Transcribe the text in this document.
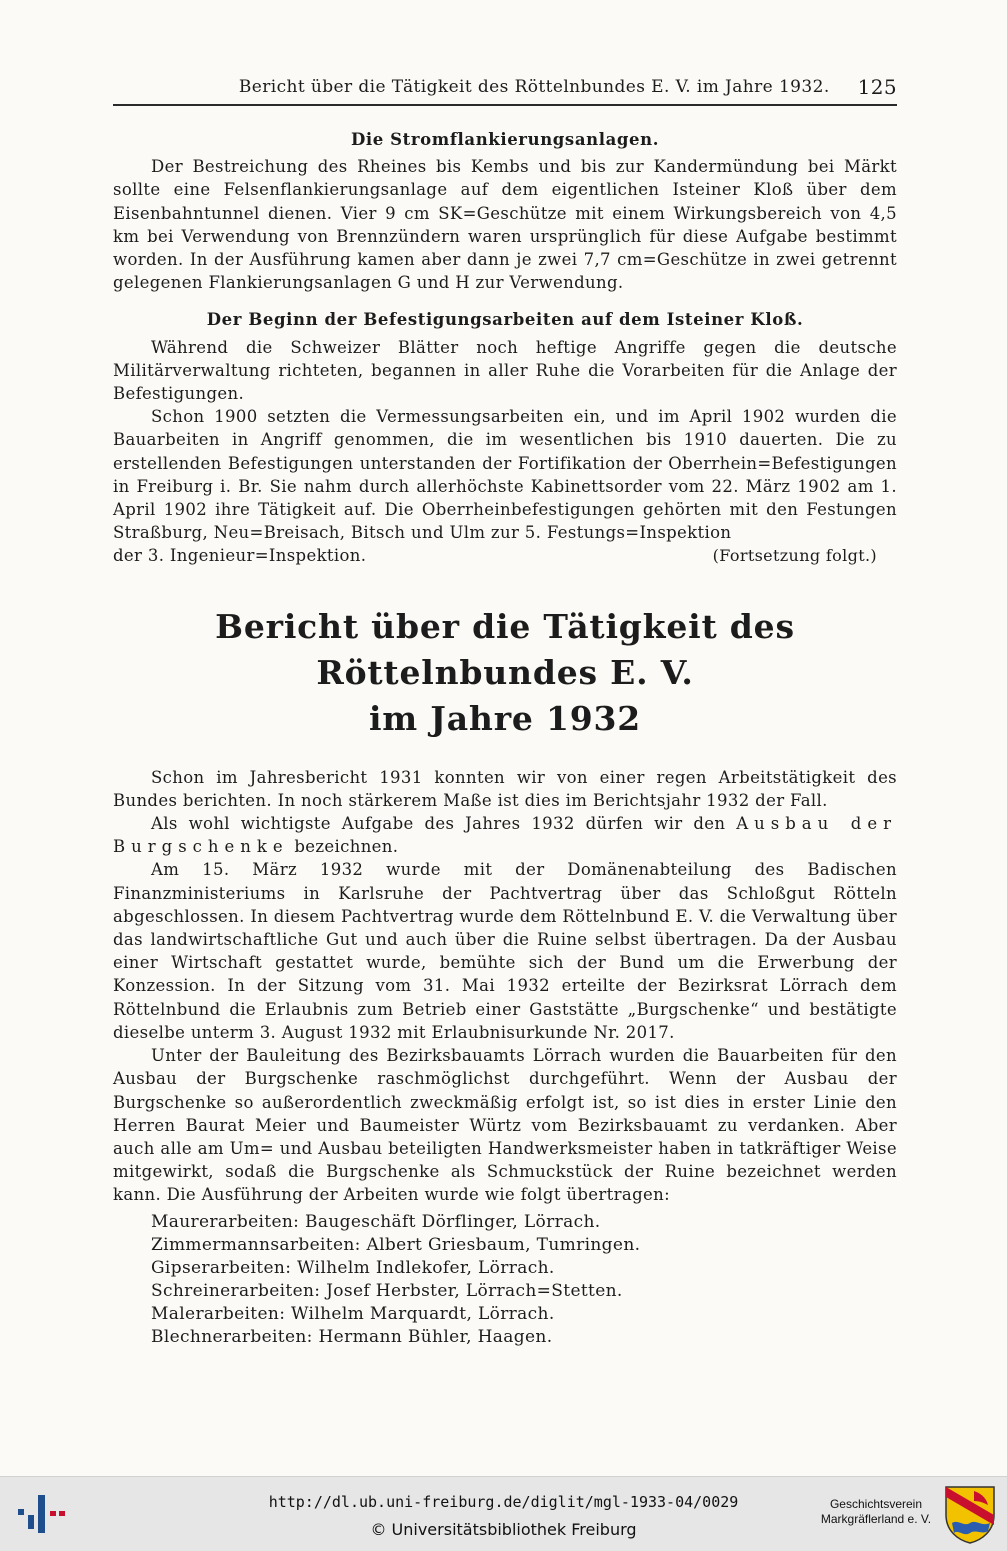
Bericht über die Tätigkeit des Röttelnbundes E. V. im Jahre 1932. 125
Die Stromflankierungsanlagen.

Der Bestreichung des Rheines bis Kembs und bis zur Kandermündung bei Märkt sollte eine Felsenflankierungsanlage auf dem eigentlichen Isteiner Kloß über dem Eisenbahntunnel dienen. Vier 9 cm SK=Geschütze mit einem Wirkungsbereich von 4,5 km bei Verwendung von Brennzündern waren ursprünglich für diese Aufgabe bestimmt worden. In der Ausführung kamen aber dann je zwei 7,7 cm=Geschütze in zwei getrennt gelegenen Flankierungsanlagen G und H zur Verwendung.

Der Beginn der Befestigungsarbeiten auf dem Isteiner Kloß.

Während die Schweizer Blätter noch heftige Angriffe gegen die deutsche Militärverwaltung richteten, begannen in aller Ruhe die Vorarbeiten für die Anlage der Befestigungen.

Schon 1900 setzten die Vermessungsarbeiten ein, und im April 1902 wurden die Bauarbeiten in Angriff genommen, die im wesentlichen bis 1910 dauerten. Die zu erstellenden Befestigungen unterstanden der Fortifikation der Oberrhein=Befestigungen in Freiburg i. Br. Sie nahm durch allerhöchste Kabinettsorder vom 22. März 1902 am 1. April 1902 ihre Tätigkeit auf. Die Oberrheinbefestigungen gehörten mit den Festungen Straßburg, Neu=Breisach, Bitsch und Ulm zur 5. Festungs=Inspektion

der 3. Ingenieur=Inspektion.	(Fortsetzung folgt.)
Bericht über die Tätigkeit des Röttelnbundes E. V.
im Jahre 1932

Schon im Jahresbericht 1931 konnten wir von einer regen Arbeitstätigkeit des Bundes berichten. In noch stärkerem Maße ist dies im Berichtsjahr 1932 der Fall.

Als wohl wichtigste Aufgabe des Jahres 1932 dürfen wir den Ausbau der Burgschenke bezeichnen.

Am 15. März 1932 wurde mit der Domänenabteilung des Badischen Finanzministeriums in Karlsruhe der Pachtvertrag über das Schloßgut Rötteln abgeschlossen. In diesem Pachtvertrag wurde dem Röttelnbund E. V. die Verwaltung über das landwirtschaftliche Gut und auch über die Ruine selbst übertragen. Da der Ausbau einer Wirtschaft gestattet wurde, bemühte sich der Bund um die Erwerbung der Konzession. In der Sitzung vom 31. Mai 1932 erteilte der Bezirksrat Lörrach dem Röttelnbund die Erlaubnis zum Betrieb einer Gaststätte „Burgschenke“ und bestätigte dieselbe unterm 3. August 1932 mit Erlaubnisurkunde Nr. 2017.

Unter der Bauleitung des Bezirksbauamts Lörrach wurden die Bauarbeiten für den Ausbau der Burgschenke raschmöglichst durchgeführt. Wenn der Ausbau der Burgschenke so außerordentlich zweckmäßig erfolgt ist, so ist dies in erster Linie den Herren Baurat Meier und Baumeister Würtz vom Bezirksbauamt zu verdanken. Aber auch alle am Um= und Ausbau beteiligten Handwerksmeister haben in tatkräftiger Weise mitgewirkt, sodaß die Burgschenke als Schmuckstück der Ruine bezeichnet werden kann. Die Ausführung der Arbeiten wurde wie folgt übertragen:

Maurerarbeiten: Baugeschäft Dörflinger, Lörrach.
Zimmermannsarbeiten: Albert Griesbaum, Tumringen.
Gipserarbeiten: Wilhelm Indlekofer, Lörrach.
Schreinerarbeiten: Josef Herbster, Lörrach=Stetten.
Malerarbeiten: Wilhelm Marquardt, Lörrach.
Blechnerarbeiten: Hermann Bühler, Haagen.
http://dl.ub.uni-freiburg.de/diglit/mgl-1933-04/0029
© Universitätsbibliothek Freiburg
Geschichtsverein
Markgräflerland e. V.
